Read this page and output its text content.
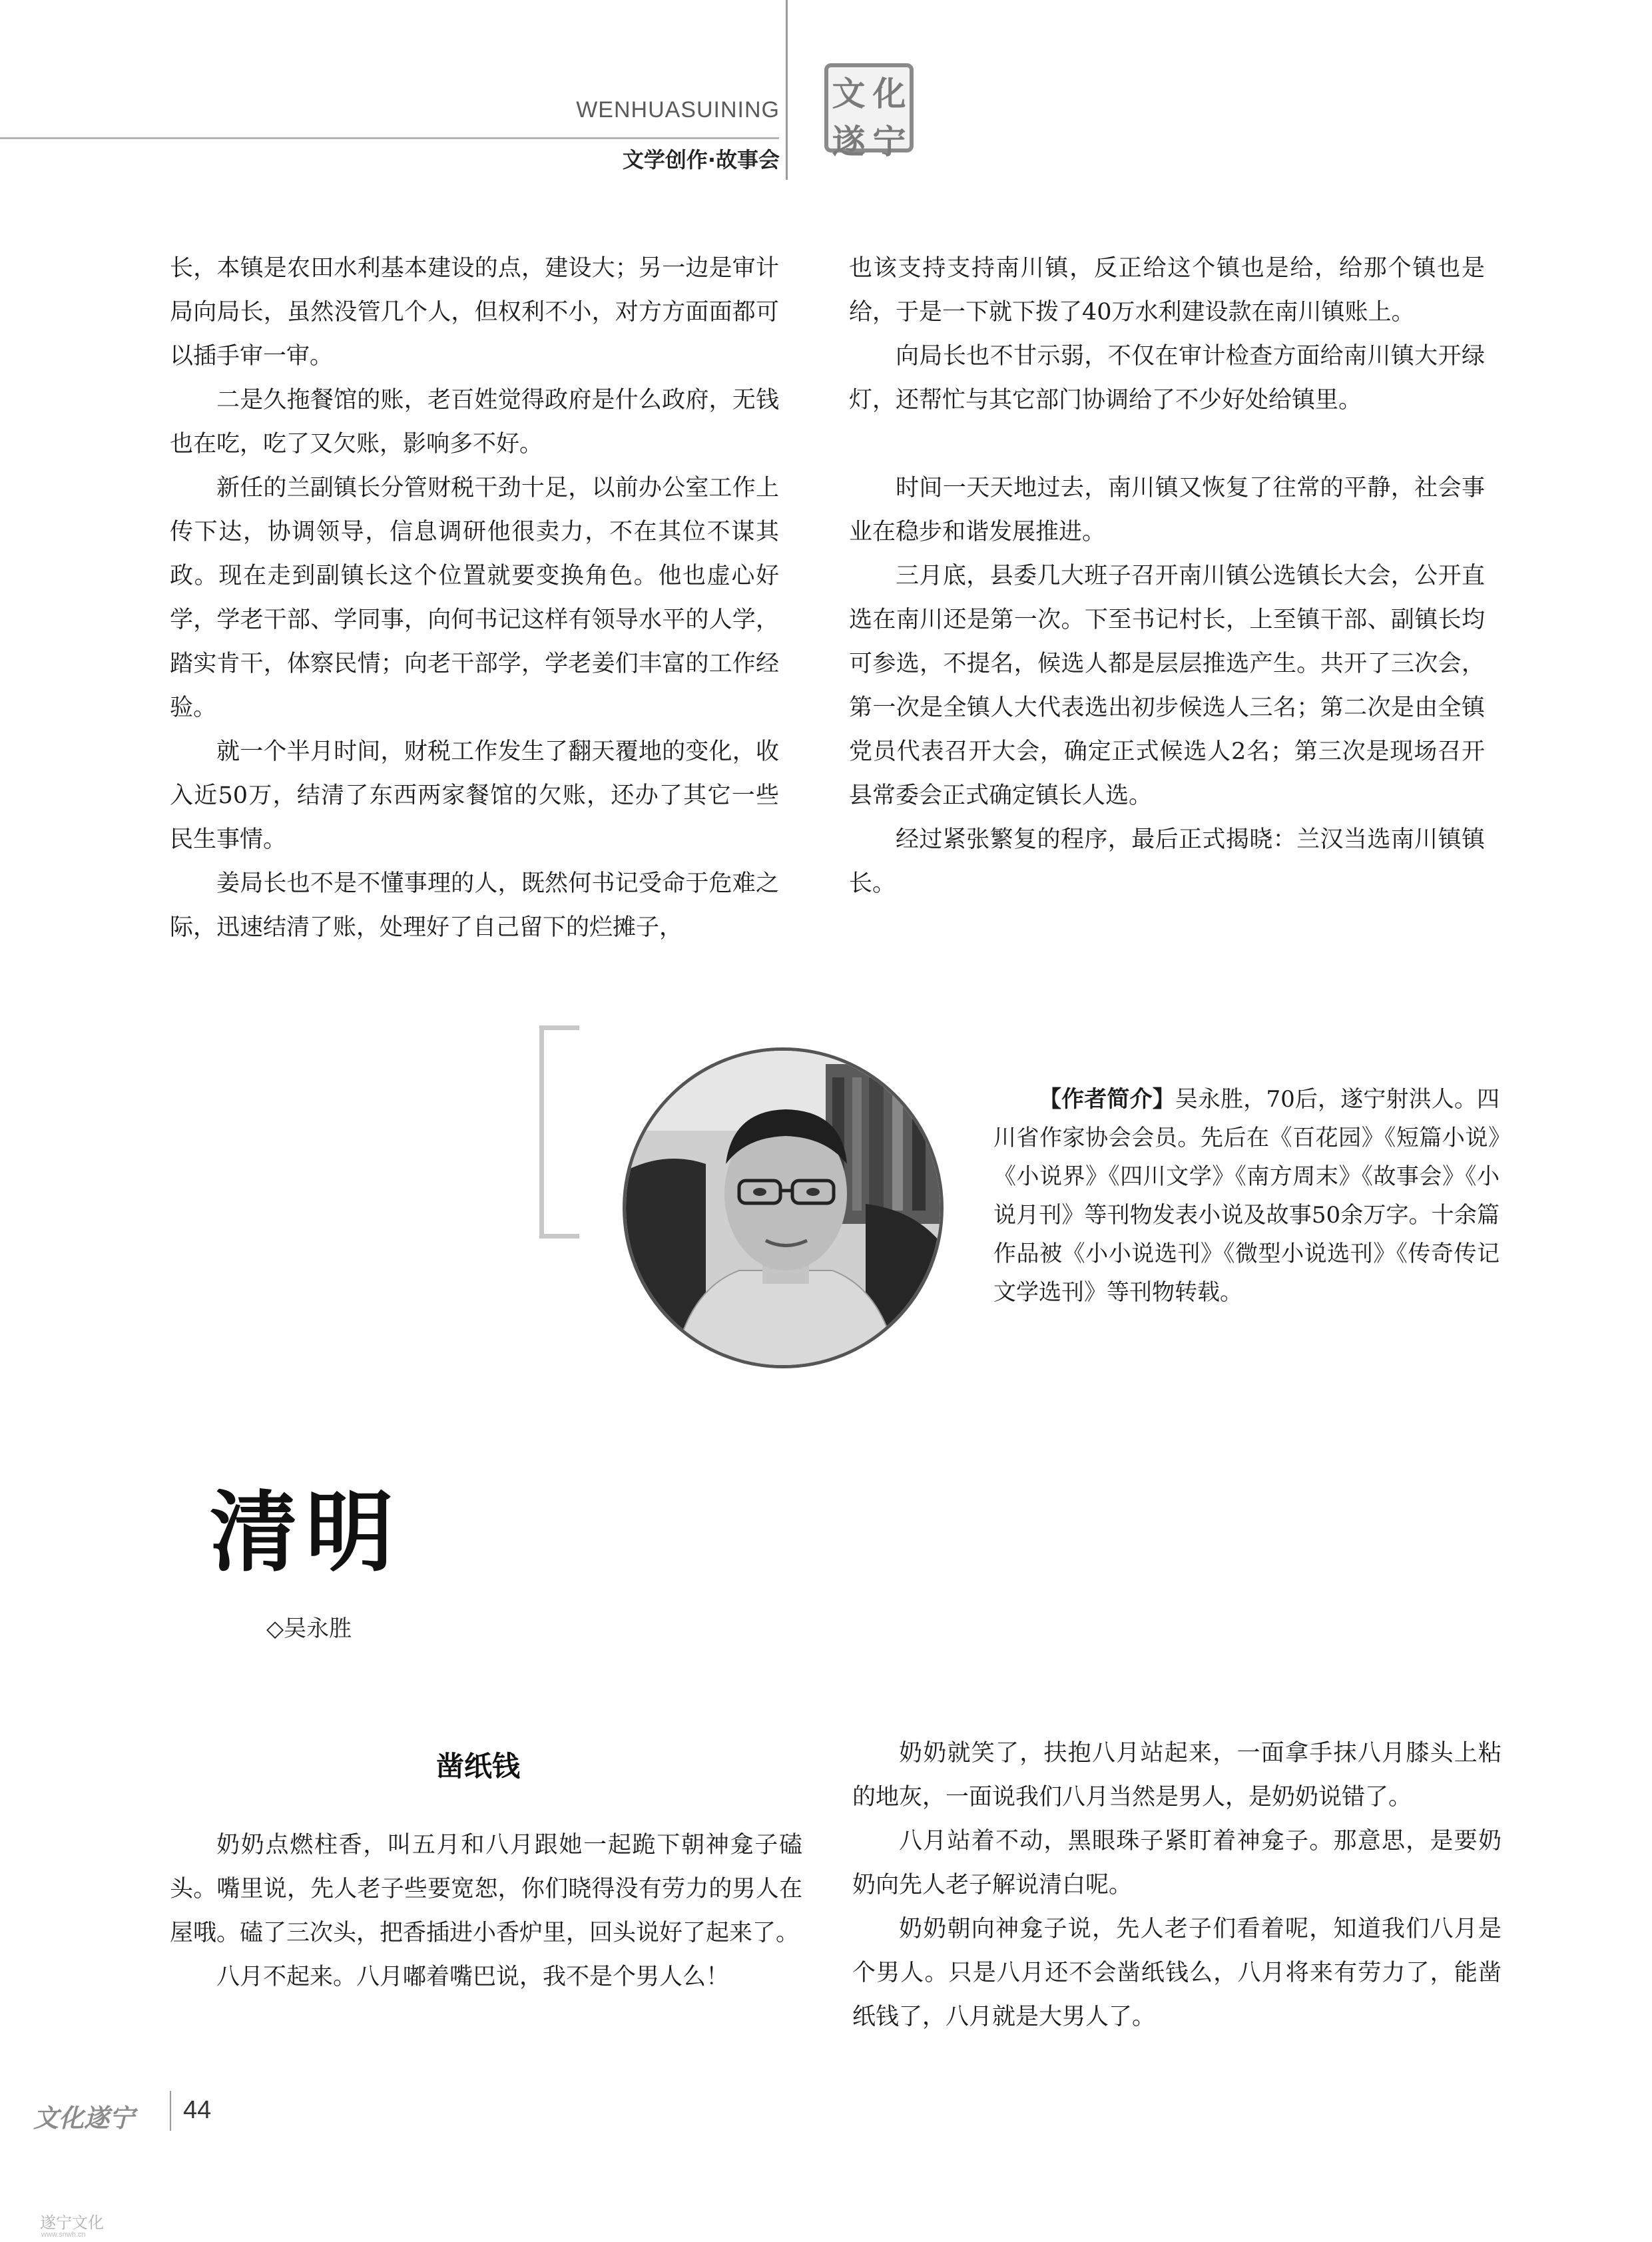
WENHUASUINING
文学创作·故事会
文 化
遂 宁

长，本镇是农田水利基本建设的点，建设大；另一边是审计局向局长，虽然没管几个人，但权利不小，对方方面面都可以插手审一审。

二是久拖餐馆的账，老百姓觉得政府是什么政府，无钱也在吃，吃了又欠账，影响多不好。

新任的兰副镇长分管财税干劲十足，以前办公室工作上传下达，协调领导，信息调研他很卖力，不在其位不谋其政。现在走到副镇长这个位置就要变换角色。他也虚心好学，学老干部、学同事，向何书记这样有领导水平的人学，踏实肯干，体察民情；向老干部学，学老姜们丰富的工作经验。

就一个半月时间，财税工作发生了翻天覆地的变化，收入近50万，结清了东西两家餐馆的欠账，还办了其它一些民生事情。

姜局长也不是不懂事理的人，既然何书记受命于危难之际，迅速结清了账，处理好了自己留下的烂摊子，

也该支持支持南川镇，反正给这个镇也是给，给那个镇也是给，于是一下就下拨了40万水利建设款在南川镇账上。

向局长也不甘示弱，不仅在审计检查方面给南川镇大开绿灯，还帮忙与其它部门协调给了不少好处给镇里。

时间一天天地过去，南川镇又恢复了往常的平静，社会事业在稳步和谐发展推进。

三月底，县委几大班子召开南川镇公选镇长大会，公开直选在南川还是第一次。下至书记村长，上至镇干部、副镇长均可参选，不提名，候选人都是层层推选产生。共开了三次会，第一次是全镇人大代表选出初步候选人三名；第二次是由全镇党员代表召开大会，确定正式候选人2名；第三次是现场召开县常委会正式确定镇长人选。

经过紧张繁复的程序，最后正式揭晓：兰汉当选南川镇镇长。

【作者简介】吴永胜，70后，遂宁射洪人。四川省作家协会会员。先后在《百花园》《短篇小说》《小说界》《四川文学》《南方周末》《故事会》《小说月刊》等刊物发表小说及故事50余万字。十余篇作品被《小小说选刊》《微型小说选刊》《传奇传记文学选刊》等刊物转载。

清明
◇吴永胜
凿纸钱

奶奶点燃柱香，叫五月和八月跟她一起跪下朝神龛子磕头。嘴里说，先人老子些要宽恕，你们晓得没有劳力的男人在屋哦。磕了三次头，把香插进小香炉里，回头说好了起来了。

八月不起来。八月嘟着嘴巴说，我不是个男人么！

奶奶就笑了，扶抱八月站起来，一面拿手抹八月膝头上粘的地灰，一面说我们八月当然是男人，是奶奶说错了。

八月站着不动，黑眼珠子紧盯着神龛子。那意思，是要奶奶向先人老子解说清白呢。

奶奶朝向神龛子说，先人老子们看着呢，知道我们八月是个男人。只是八月还不会凿纸钱么，八月将来有劳力了，能凿纸钱了，八月就是大男人了。

文化遂宁 44
遂宁文化
www.snwh.cn
